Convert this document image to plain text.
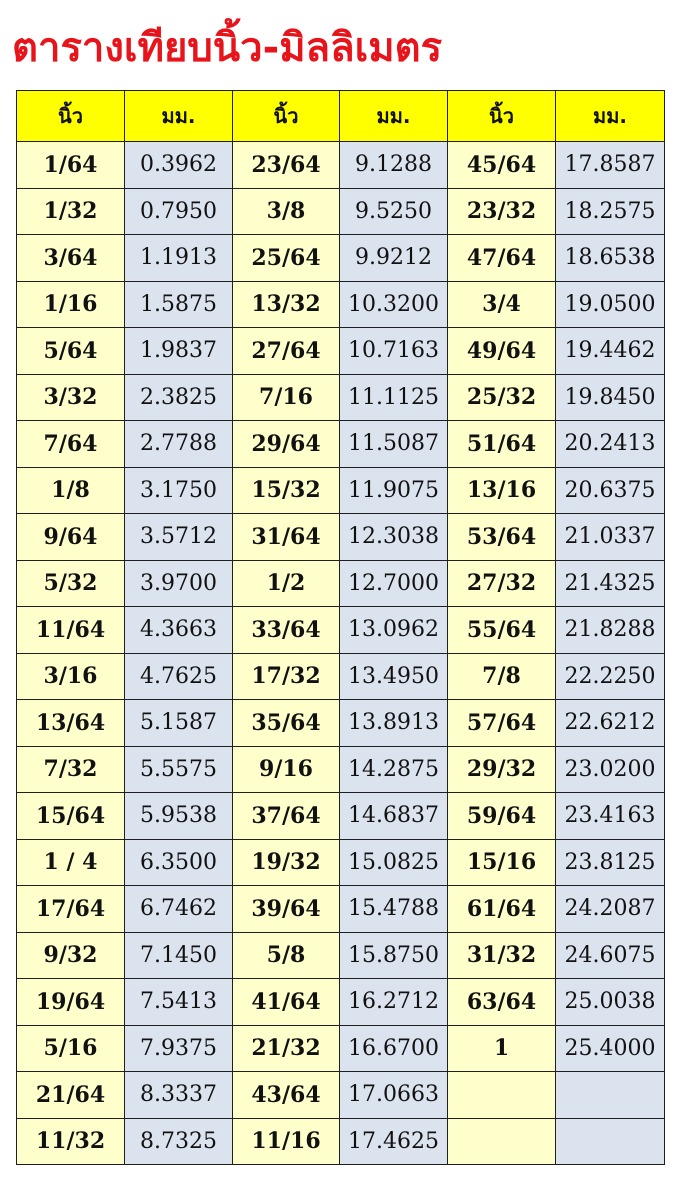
ตารางเทียบนิ้ว-มิลลิเมตร
นิ้ว	มม.	นิ้ว	มม.	นิ้ว	มม.
1/64	0.3962	23/64	9.1288	45/64	17.8587
1/32	0.7950	3/8	9.5250	23/32	18.2575
3/64	1.1913	25/64	9.9212	47/64	18.6538
1/16	1.5875	13/32	10.3200	3/4	19.0500
5/64	1.9837	27/64	10.7163	49/64	19.4462
3/32	2.3825	7/16	11.1125	25/32	19.8450
7/64	2.7788	29/64	11.5087	51/64	20.2413
1/8	3.1750	15/32	11.9075	13/16	20.6375
9/64	3.5712	31/64	12.3038	53/64	21.0337
5/32	3.9700	1/2	12.7000	27/32	21.4325
11/64	4.3663	33/64	13.0962	55/64	21.8288
3/16	4.7625	17/32	13.4950	7/8	22.2250
13/64	5.1587	35/64	13.8913	57/64	22.6212
7/32	5.5575	9/16	14.2875	29/32	23.0200
15/64	5.9538	37/64	14.6837	59/64	23.4163
1 / 4	6.3500	19/32	15.0825	15/16	23.8125
17/64	6.7462	39/64	15.4788	61/64	24.2087
9/32	7.1450	5/8	15.8750	31/32	24.6075
19/64	7.5413	41/64	16.2712	63/64	25.0038
5/16	7.9375	21/32	16.6700	1	25.4000
21/64	8.3337	43/64	17.0663		
11/32	8.7325	11/16	17.4625		
